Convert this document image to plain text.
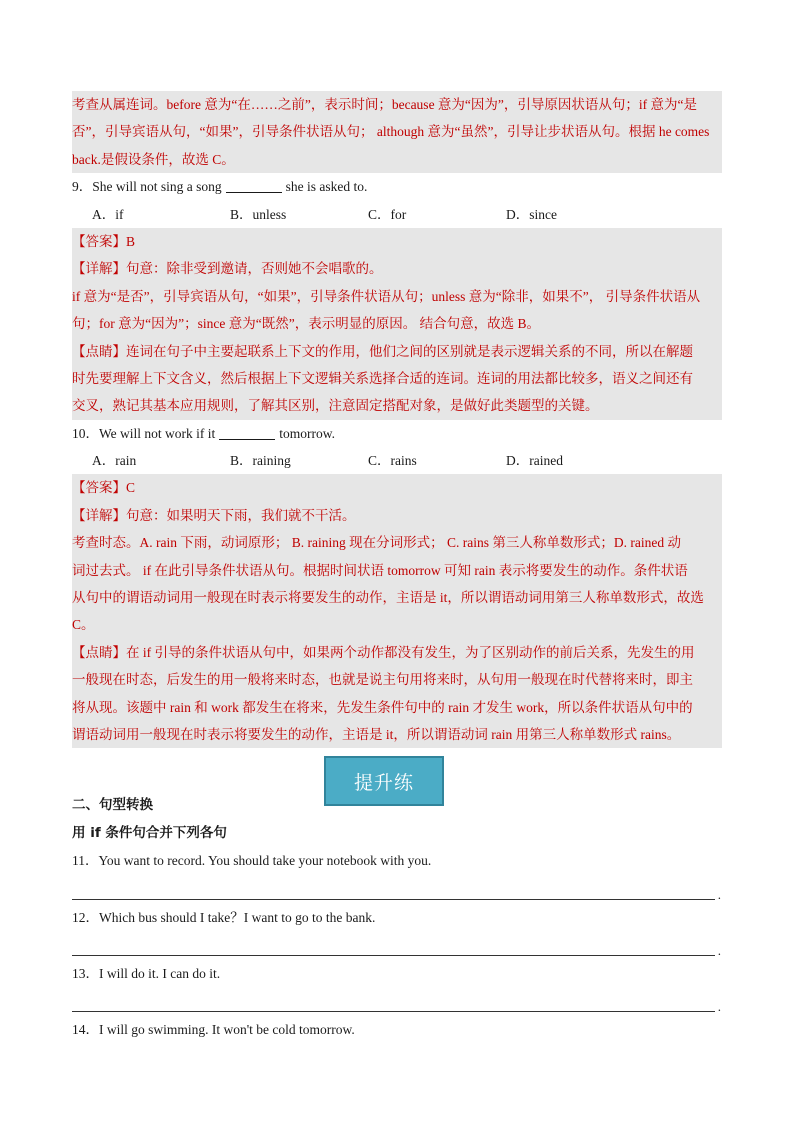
考查从属连词。before 意为“在……之前”，表示时间；because 意为“因为”，引导原因状语从句；if 意为“是
否”，引导宾语从句，“如果”，引导条件状语从句； although 意为“虽然”，引导让步状语从句。根据 he comes
back.是假设条件，故选 C。
9．She will not sing a song	she is asked to.
A．if	B．unless	C．for	D．since
【答案】B
【详解】句意：除非受到邀请，否则她不会唱歌的。
if 意为“是否”，引导宾语从句，“如果”，引导条件状语从句；unless 意为“除非，如果不”， 引导条件状语从
句；for 意为“因为”；since 意为“既然”，表示明显的原因。 结合句意，故选 B。
【点睛】连词在句子中主要起联系上下文的作用，他们之间的区别就是表示逻辑关系的不同，所以在解题
时先要理解上下文含义，然后根据上下文逻辑关系选择合适的连词。连词的用法都比较多，语义之间还有
交叉，熟记其基本应用规则，了解其区别，注意固定搭配对象，是做好此类题型的关键。
10．We will not work if it	tomorrow.
A．rain	B．raining	C．rains	D．rained
【答案】C
【详解】句意：如果明天下雨，我们就不干活。
考查时态。A. rain 下雨，动词原形； B. raining 现在分词形式； C. rains 第三人称单数形式；D. rained 动
词过去式。 if 在此引导条件状语从句。根据时间状语 tomorrow 可知 rain 表示将要发生的动作。条件状语
从句中的谓语动词用一般现在时表示将要发生的动作，主语是 it，所以谓语动词用第三人称单数形式，故选
C。
【点睛】在 if 引导的条件状语从句中，如果两个动作都没有发生，为了区别动作的前后关系，先发生的用
一般现在时态，后发生的用一般将来时态，也就是说主句用将来时，从句用一般现在时代替将来时，即主
将从现。该题中 rain 和 work 都发生在将来，先发生条件句中的 rain 才发生 work，所以条件状语从句中的
谓语动词用一般现在时表示将要发生的动作，主语是 it，所以谓语动词 rain 用第三人称单数形式 rains。
二、句型转换
用 if 条件句合并下列各句
11．You want to record. You should take your notebook with you.
.
12．Which bus should I take？I want to go to the bank.
.
13．I will do it. I can do it.
.
14．I will go swimming. It won't be cold tomorrow.
提升练
